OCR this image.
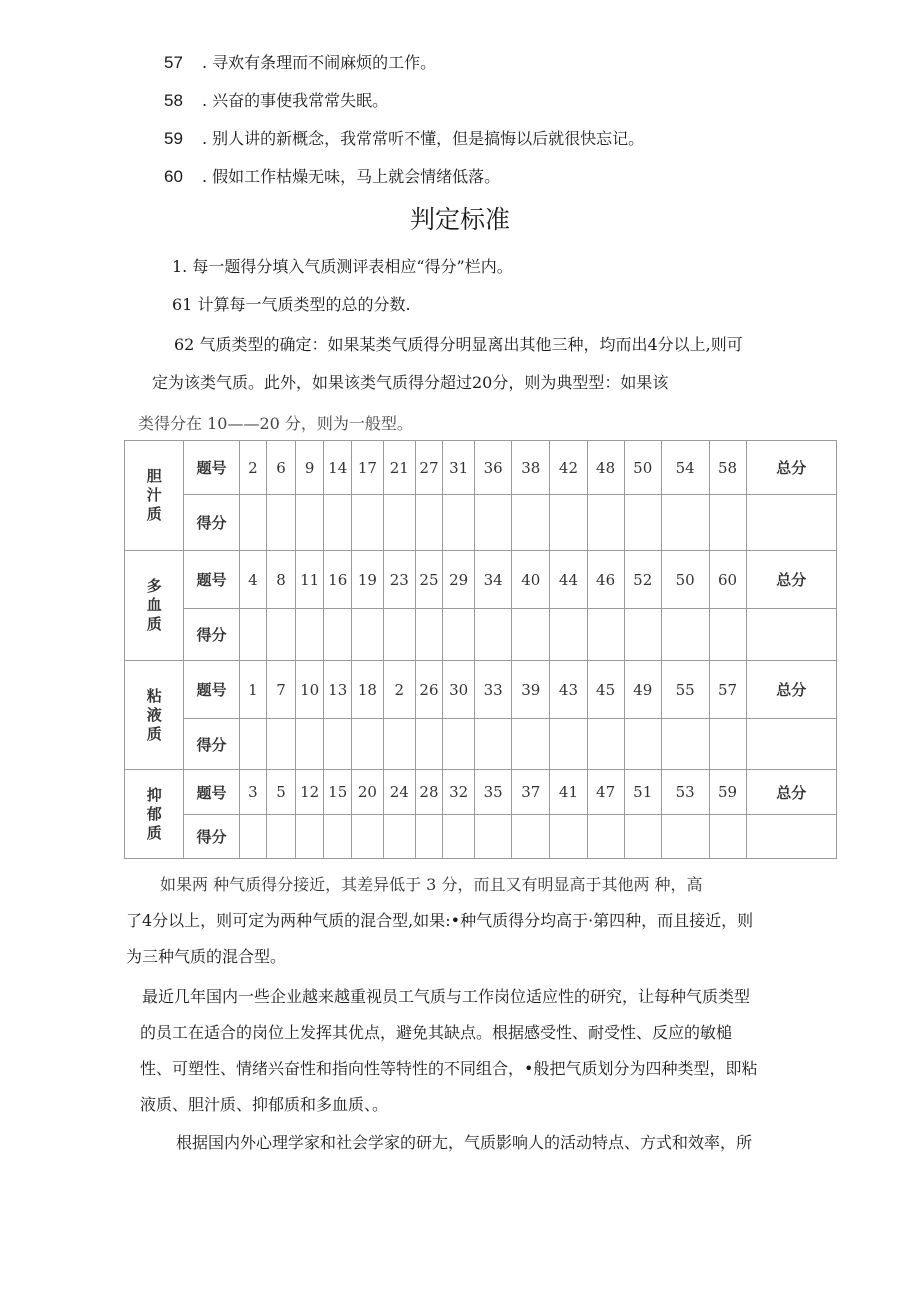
57 . 寻欢有条理而不闹麻烦的工作。
58 . 兴奋的事使我常常失眠。
59 . 别人讲的新概念，我常常听不懂，但是搞悔以后就很快忘记。
60 . 假如工作枯燥无味，马上就会情绪低落。
判定标准
1. 每一题得分填入气质测评表相应“得分”栏内。
61 计算每一气质类型的总的分数.
62 气质类型的确定：如果某类气质得分明显离出其他三种，均而出4分以上,则可
定为该类气质。此外，如果该类气质得分超过20分，则为典型型：如果该
类得分在 10——20 分，则为一般型。
胆
汁
质	题号	2	6	9	14	17	21	27	31	36	38	42	48	50	54	58	总分
	得分																

多
血
质	题号	4	8	11	16	19	23	25	29	34	40	44	46	52	50	60	总分
	得分																

粘
液
质	题号	1	7	10	13	18	2	26	30	33	39	43	45	49	55	57	总分
	得分																

抑
郁
质	题号	3	5	12	15	20	24	28	32	35	37	41	47	51	53	59	总分
	得分																
如果两 种气质得分接近，其差异低于 3 分，而且又有明显高于其他两 种，高
了4分以上，则可定为两种气质的混合型,如果:•种气质得分均高于·第四种，而且接近，则
为三种气质的混合型。
最近几年国内一些企业越来越重视员工气质与工作岗位适应性的研究，让每种气质类型
的员工在适合的岗位上发挥其优点，避免其缺点。根据感受性、耐受性、反应的敏槌
性、可塑性、情绪兴奋性和指向性等特性的不同组合，•般把气质划分为四种类型，即粘
液质、胆汁质、抑郁质和多血质、。
根据国内外心理学家和社会学家的研尢，气质影响人的活动特点、方式和效率，所
